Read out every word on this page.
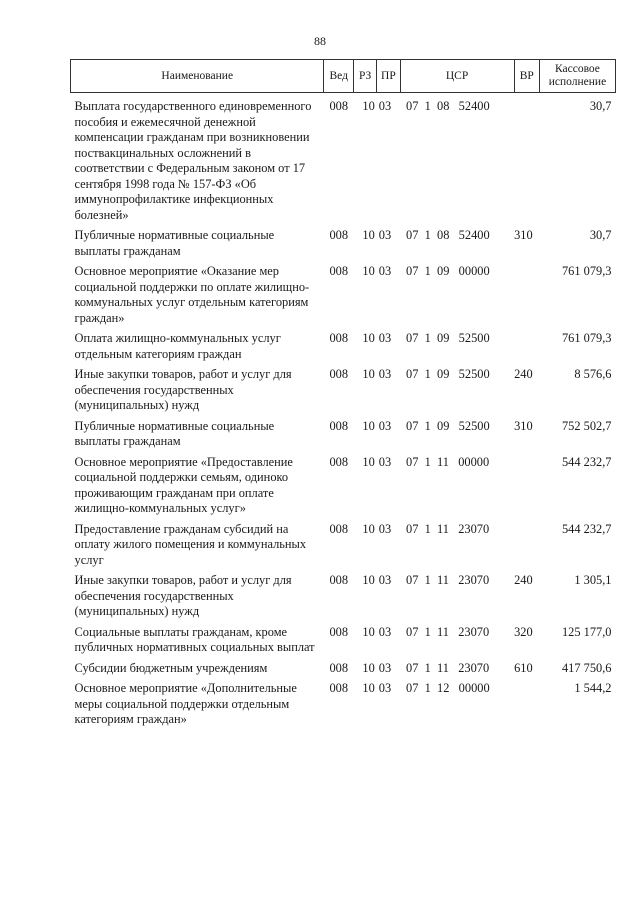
88
Наименование	Вед	РЗ	ПР	ЦСР	ВР	Кассовое исполнение
Выплата государственного единовременного пособия и ежемесячной денежной компенсации гражданам при возникновении поствакцинальных осложнений в соответствии с Федеральным законом от 17 сентября 1998 года № 157-ФЗ «Об иммунопрофилактике инфекционных болезней»	008	10	03	07  1  08   52400		30,7
Публичные нормативные социальные выплаты гражданам	008	10	03	07  1  08   52400	310	30,7
Основное мероприятие «Оказание мер социальной поддержки по оплате жилищно-коммунальных услуг отдельным категориям граждан»	008	10	03	07  1  09   00000		761 079,3
Оплата жилищно-коммунальных услуг отдельным категориям граждан	008	10	03	07  1  09   52500		761 079,3
Иные закупки товаров, работ и услуг для обеспечения государственных (муниципальных) нужд	008	10	03	07  1  09   52500	240	8 576,6
Публичные нормативные социальные выплаты гражданам	008	10	03	07  1  09   52500	310	752 502,7
Основное мероприятие «Предоставление социальной поддержки семьям, одиноко проживающим гражданам при оплате жилищно-коммунальных услуг»	008	10	03	07  1  11   00000		544 232,7
Предоставление гражданам субсидий на оплату жилого помещения и коммунальных услуг	008	10	03	07  1  11   23070		544 232,7
Иные закупки товаров, работ и услуг для обеспечения государственных (муниципальных) нужд	008	10	03	07  1  11   23070	240	1 305,1
Социальные выплаты гражданам, кроме публичных нормативных социальных выплат	008	10	03	07  1  11   23070	320	125 177,0
Субсидии бюджетным учреждениям	008	10	03	07  1  11   23070	610	417 750,6
Основное мероприятие «Дополнительные меры социальной поддержки отдельным категориям граждан»	008	10	03	07  1  12   00000		1 544,2
